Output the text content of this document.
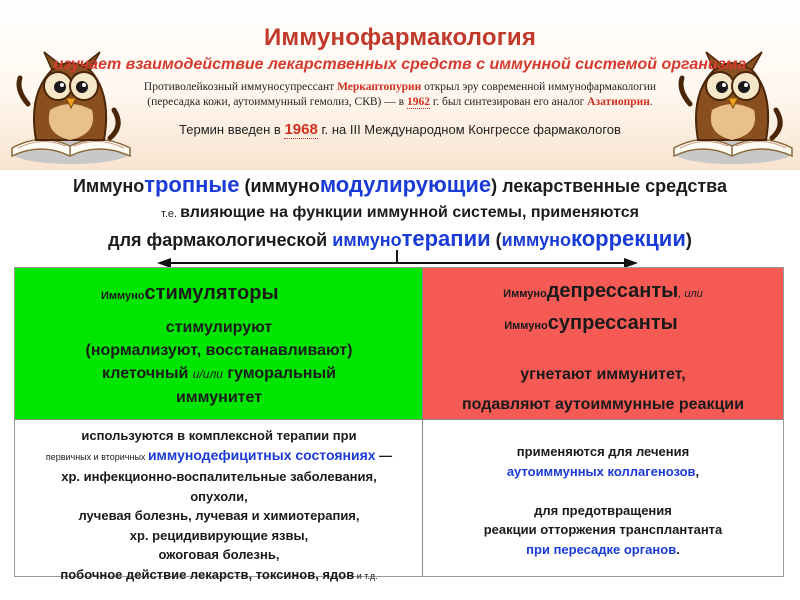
Иммунофармакология
изучает взаимодействие лекарственных средств с иммунной системой организма
Противолейкозный иммуносупрессант Меркаптопурин открыл эру современной иммунофармакологии
(пересадка кожи, аутоиммунный гемолиз, СКВ) — в 1962 г. был синтезирован его аналог Азатиоприн.
Термин введен в 1968 г. на III Международном Конгрессе фармакологов
Иммунотропные (иммуномодулирующие) лекарственные средства
т.е. влияющие на функции иммунной системы, применяются
для фармакологической иммунотерапии (иммунокоррекции)
Иммуностимуляторы
стимулируют
(нормализуют, восстанавливают)
клеточный и/или гуморальный
иммунитет
Иммунодепрессанты, или
Иммуносупрессанты
угнетают иммунитет,
подавляют аутоиммунные реакции
используются в комплексной терапии при
первичных и вторичных иммунодефицитных состояниях —
хр. инфекционно-воспалительные заболевания,
опухоли,
лучевая болезнь, лучевая и химиотерапия,
хр. рецидивирующие язвы,
ожоговая болезнь,
побочное действие лекарств, токсинов, ядов и т.д.
применяются для лечения
аутоиммунных коллагенозов,
для предотвращения
реакции отторжения трансплантанта
при пересадке органов.
